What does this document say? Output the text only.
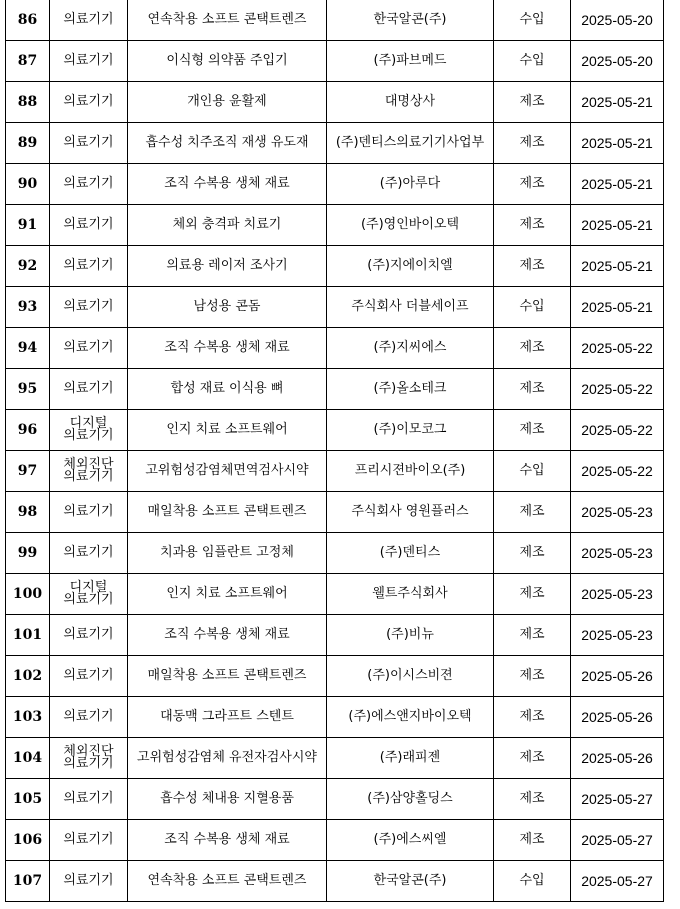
86	의료기기	연속착용 소프트 콘택트렌즈	한국알콘(주)	수입	2025-05-20
87	의료기기	이식형 의약품 주입기	(주)파브메드	수입	2025-05-20
88	의료기기	개인용 윤활제	대명상사	제조	2025-05-21
89	의료기기	흡수성 치주조직 재생 유도재	(주)덴티스의료기기사업부	제조	2025-05-21
90	의료기기	조직 수복용 생체 재료	(주)아루다	제조	2025-05-21
91	의료기기	체외 충격파 치료기	(주)영인바이오텍	제조	2025-05-21
92	의료기기	의료용 레이저 조사기	(주)지에이치엘	제조	2025-05-21
93	의료기기	남성용 콘돔	주식회사 더블세이프	수입	2025-05-21
94	의료기기	조직 수복용 생체 재료	(주)지씨에스	제조	2025-05-22
95	의료기기	합성 재료 이식용 뼈	(주)올소테크	제조	2025-05-22
96	디지털 의료기기	인지 치료 소프트웨어	(주)이모코그	제조	2025-05-22
97	체외진단 의료기기	고위험성감염체면역검사시약	프리시젼바이오(주)	수입	2025-05-22
98	의료기기	매일착용 소프트 콘택트렌즈	주식회사 영원플러스	제조	2025-05-23
99	의료기기	치과용 임플란트 고정체	(주)덴티스	제조	2025-05-23
100	디지털 의료기기	인지 치료 소프트웨어	웰트주식회사	제조	2025-05-23
101	의료기기	조직 수복용 생체 재료	(주)비뉴	제조	2025-05-23
102	의료기기	매일착용 소프트 콘택트렌즈	(주)이시스비젼	제조	2025-05-26
103	의료기기	대동맥 그라프트 스텐트	(주)에스앤지바이오텍	제조	2025-05-26
104	체외진단 의료기기	고위험성감염체 유전자검사시약	(주)래피젠	제조	2025-05-26
105	의료기기	흡수성 체내용 지혈용품	(주)삼양홀딩스	제조	2025-05-27
106	의료기기	조직 수복용 생체 재료	(주)에스씨엘	제조	2025-05-27
107	의료기기	연속착용 소프트 콘택트렌즈	한국알콘(주)	수입	2025-05-27
